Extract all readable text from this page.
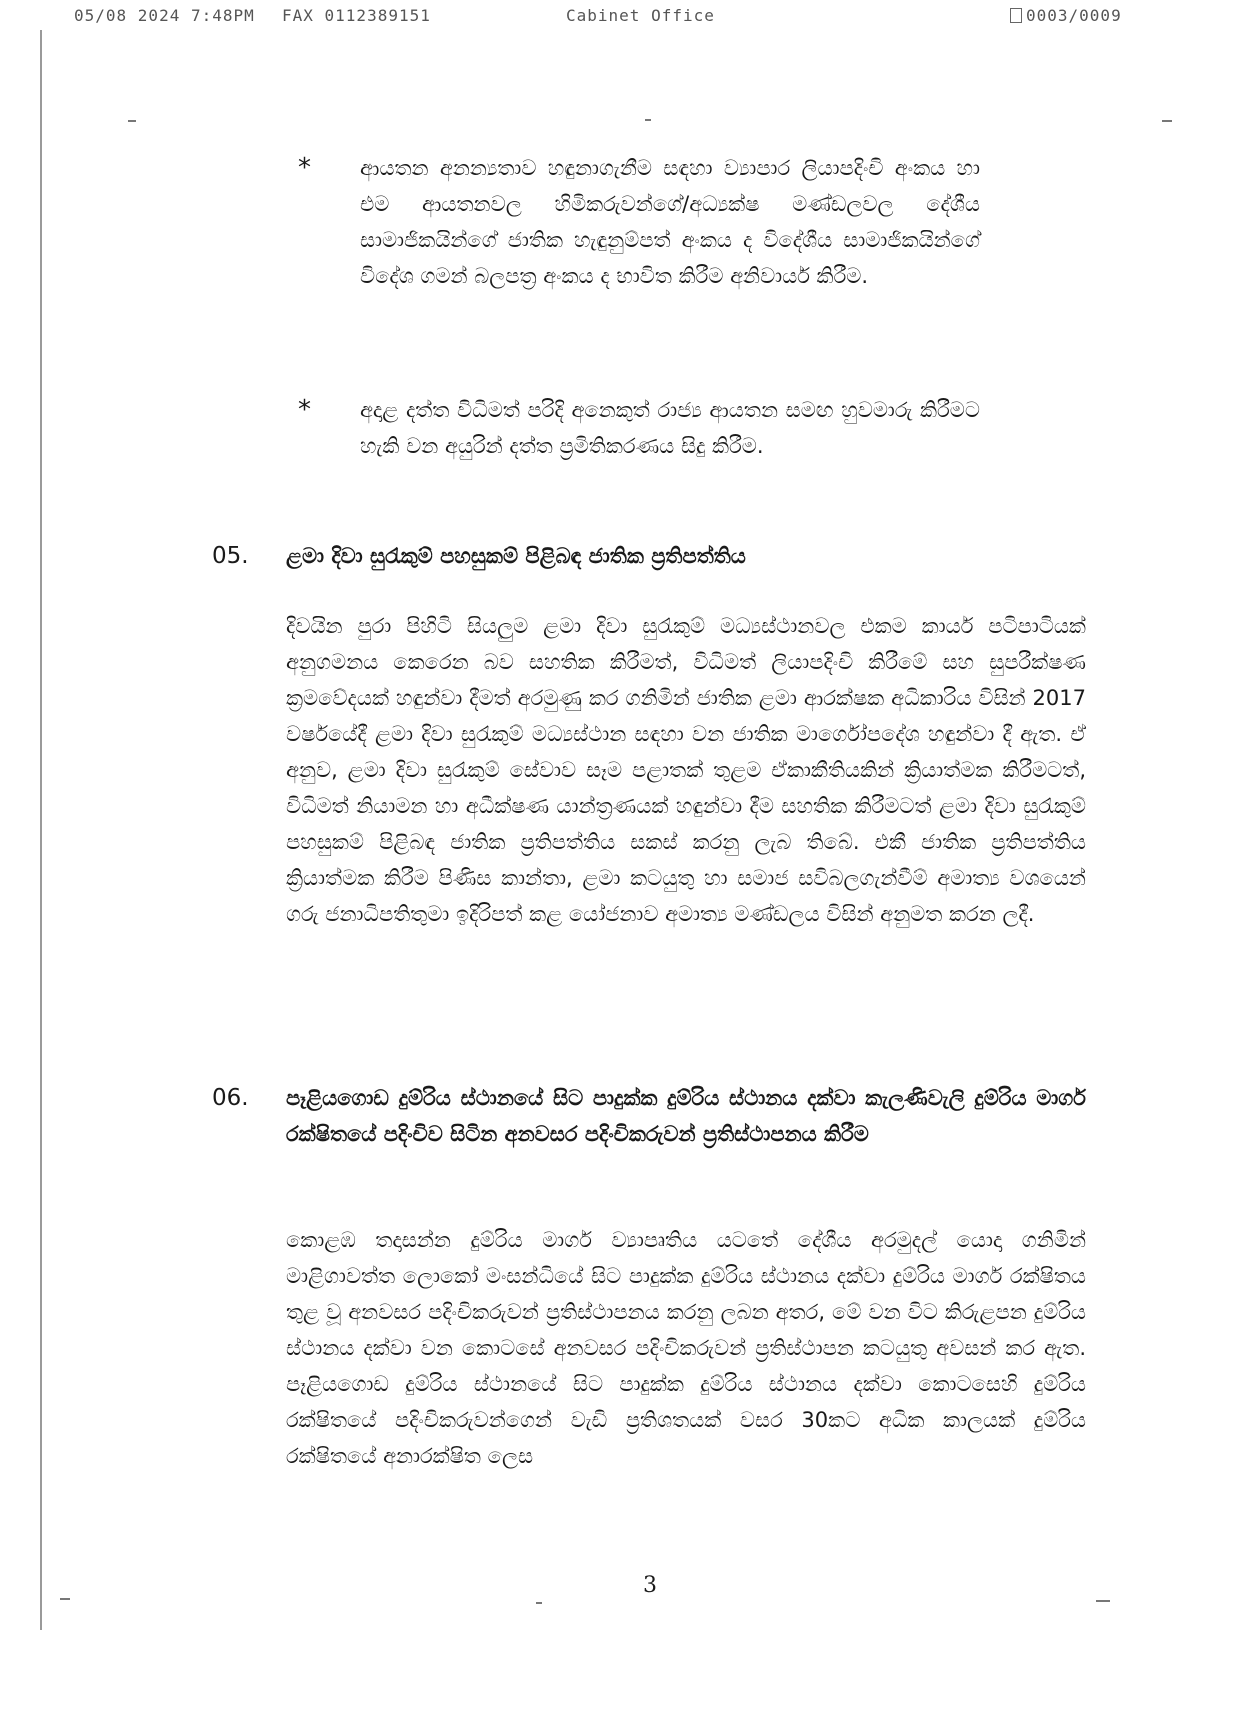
05/08 2024 7:48PM FAX 0112389151	Cabinet Office	0003/0009
* ආයතන අනන්‍යතාව හඳුනාගැනීම සඳහා ව්‍යාපාර ලියාපදිංචි අංකය හා එම ආයතනවල හිමිකරුවන්ගේ/අධ්‍යක්ෂ මණ්ඩලවල දේශීය සාමාජිකයින්ගේ ජාතික හැඳුනුම්පත් අංකය ද විදේශීය සාමාජිකයින්ගේ විදේශ ගමන් බලපත්‍ර අංකය ද භාවිත කිරීම අනිවාර්ය කිරීම.
* අදාළ දත්ත විධිමත් පරිදි අනෙකුත් රාජ්‍ය ආයතන සමඟ හුවමාරු කිරීමට හැකි වන අයුරින් දත්ත ප්‍රමිතිකරණය සිදු කිරීම.
05. ළමා දිවා සුරැකුම් පහසුකම් පිළිබඳ ජාතික ප්‍රතිපත්තිය
දිවයින පුරා පිහිටි සියලුම ළමා දිවා සුරැකුම් මධ්‍යස්ථානවල එකම කාර්ය පටිපාටියක් අනුගමනය කෙරෙන බව සහතික කිරීමත්, විධිමත් ලියාපදිංචි කිරීමේ සහ සුපරීක්ෂණ ක්‍රමවේදයක් හඳුන්වා දීමත් අරමුණු කර ගනිමින් ජාතික ළමා ආරක්ෂක අධිකාරිය විසින් 2017 වර්ෂයේදී ළමා දිවා සුරැකුම් මධ්‍යස්ථාන සඳහා වන ජාතික මාර්ගෝපදේශ හඳුන්වා දී ඇත. ඒ අනුව, ළමා දිවා සුරැකුම් සේවාව සෑම පළාතක් තුළම ඒකාකීතියකින් ක්‍රියාත්මක කිරීමටත්, විධිමත් නියාමන හා අධීක්ෂණ යාන්ත්‍රණයක් හඳුන්වා දීම සහතික කිරීමටත් ළමා දිවා සුරැකුම් පහසුකම් පිළිබඳ ජාතික ප්‍රතිපත්තිය සකස් කරනු ලැබ තිබේ. එකී ජාතික ප්‍රතිපත්තිය ක්‍රියාත්මක කිරීම පිණිස කාන්තා, ළමා කටයුතු හා සමාජ සවිබලගැන්වීම් අමාත්‍ය වශයෙන් ගරු ජනාධිපතිතුමා ඉදිරිපත් කළ යෝජනාව අමාත්‍ය මණ්ඩලය විසින් අනුමත කරන ලදී.
06. පෑළියගොඩ දුම්රිය ස්ථානයේ සිට පාදුක්ක දුම්රිය ස්ථානය දක්වා කැලණිවැලි දුම්රිය මාර්ග රක්ෂිතයේ පදිංචිව සිටින අනවසර පදිංචිකරුවන් ප්‍රතිස්ථාපනය කිරීම
කොළඹ තදාසන්න දුම්රිය මාර්ග ව්‍යාපෘතිය යටතේ දේශීය අරමුදල් යොදා ගනිමින් මාළිගාවත්ත ලොකෝ මංසන්ධියේ සිට පාදුක්ක දුම්රිය ස්ථානය දක්වා දුම්රිය මාර්ග රක්ෂිතය තුළ වූ අනවසර පදිංචිකරුවන් ප්‍රතිස්ථාපනය කරනු ලබන අතර, මේ වන විට කිරුළපන දුම්රිය ස්ථානය දක්වා වන කොටසේ අනවසර පදිංචිකරුවන් ප්‍රතිස්ථාපන කටයුතු අවසන් කර ඇත. පෑළියගොඩ දුම්රිය ස්ථානයේ සිට පාදුක්ක දුම්රිය ස්ථානය දක්වා කොටසෙහි දුම්රිය රක්ෂිතයේ පදිංචිකරුවන්ගෙන් වැඩි ප්‍රතිශතයක් වසර 30කට අධික කාලයක් දුම්රිය රක්ෂිතයේ අනාරක්ෂිත ලෙස
3
